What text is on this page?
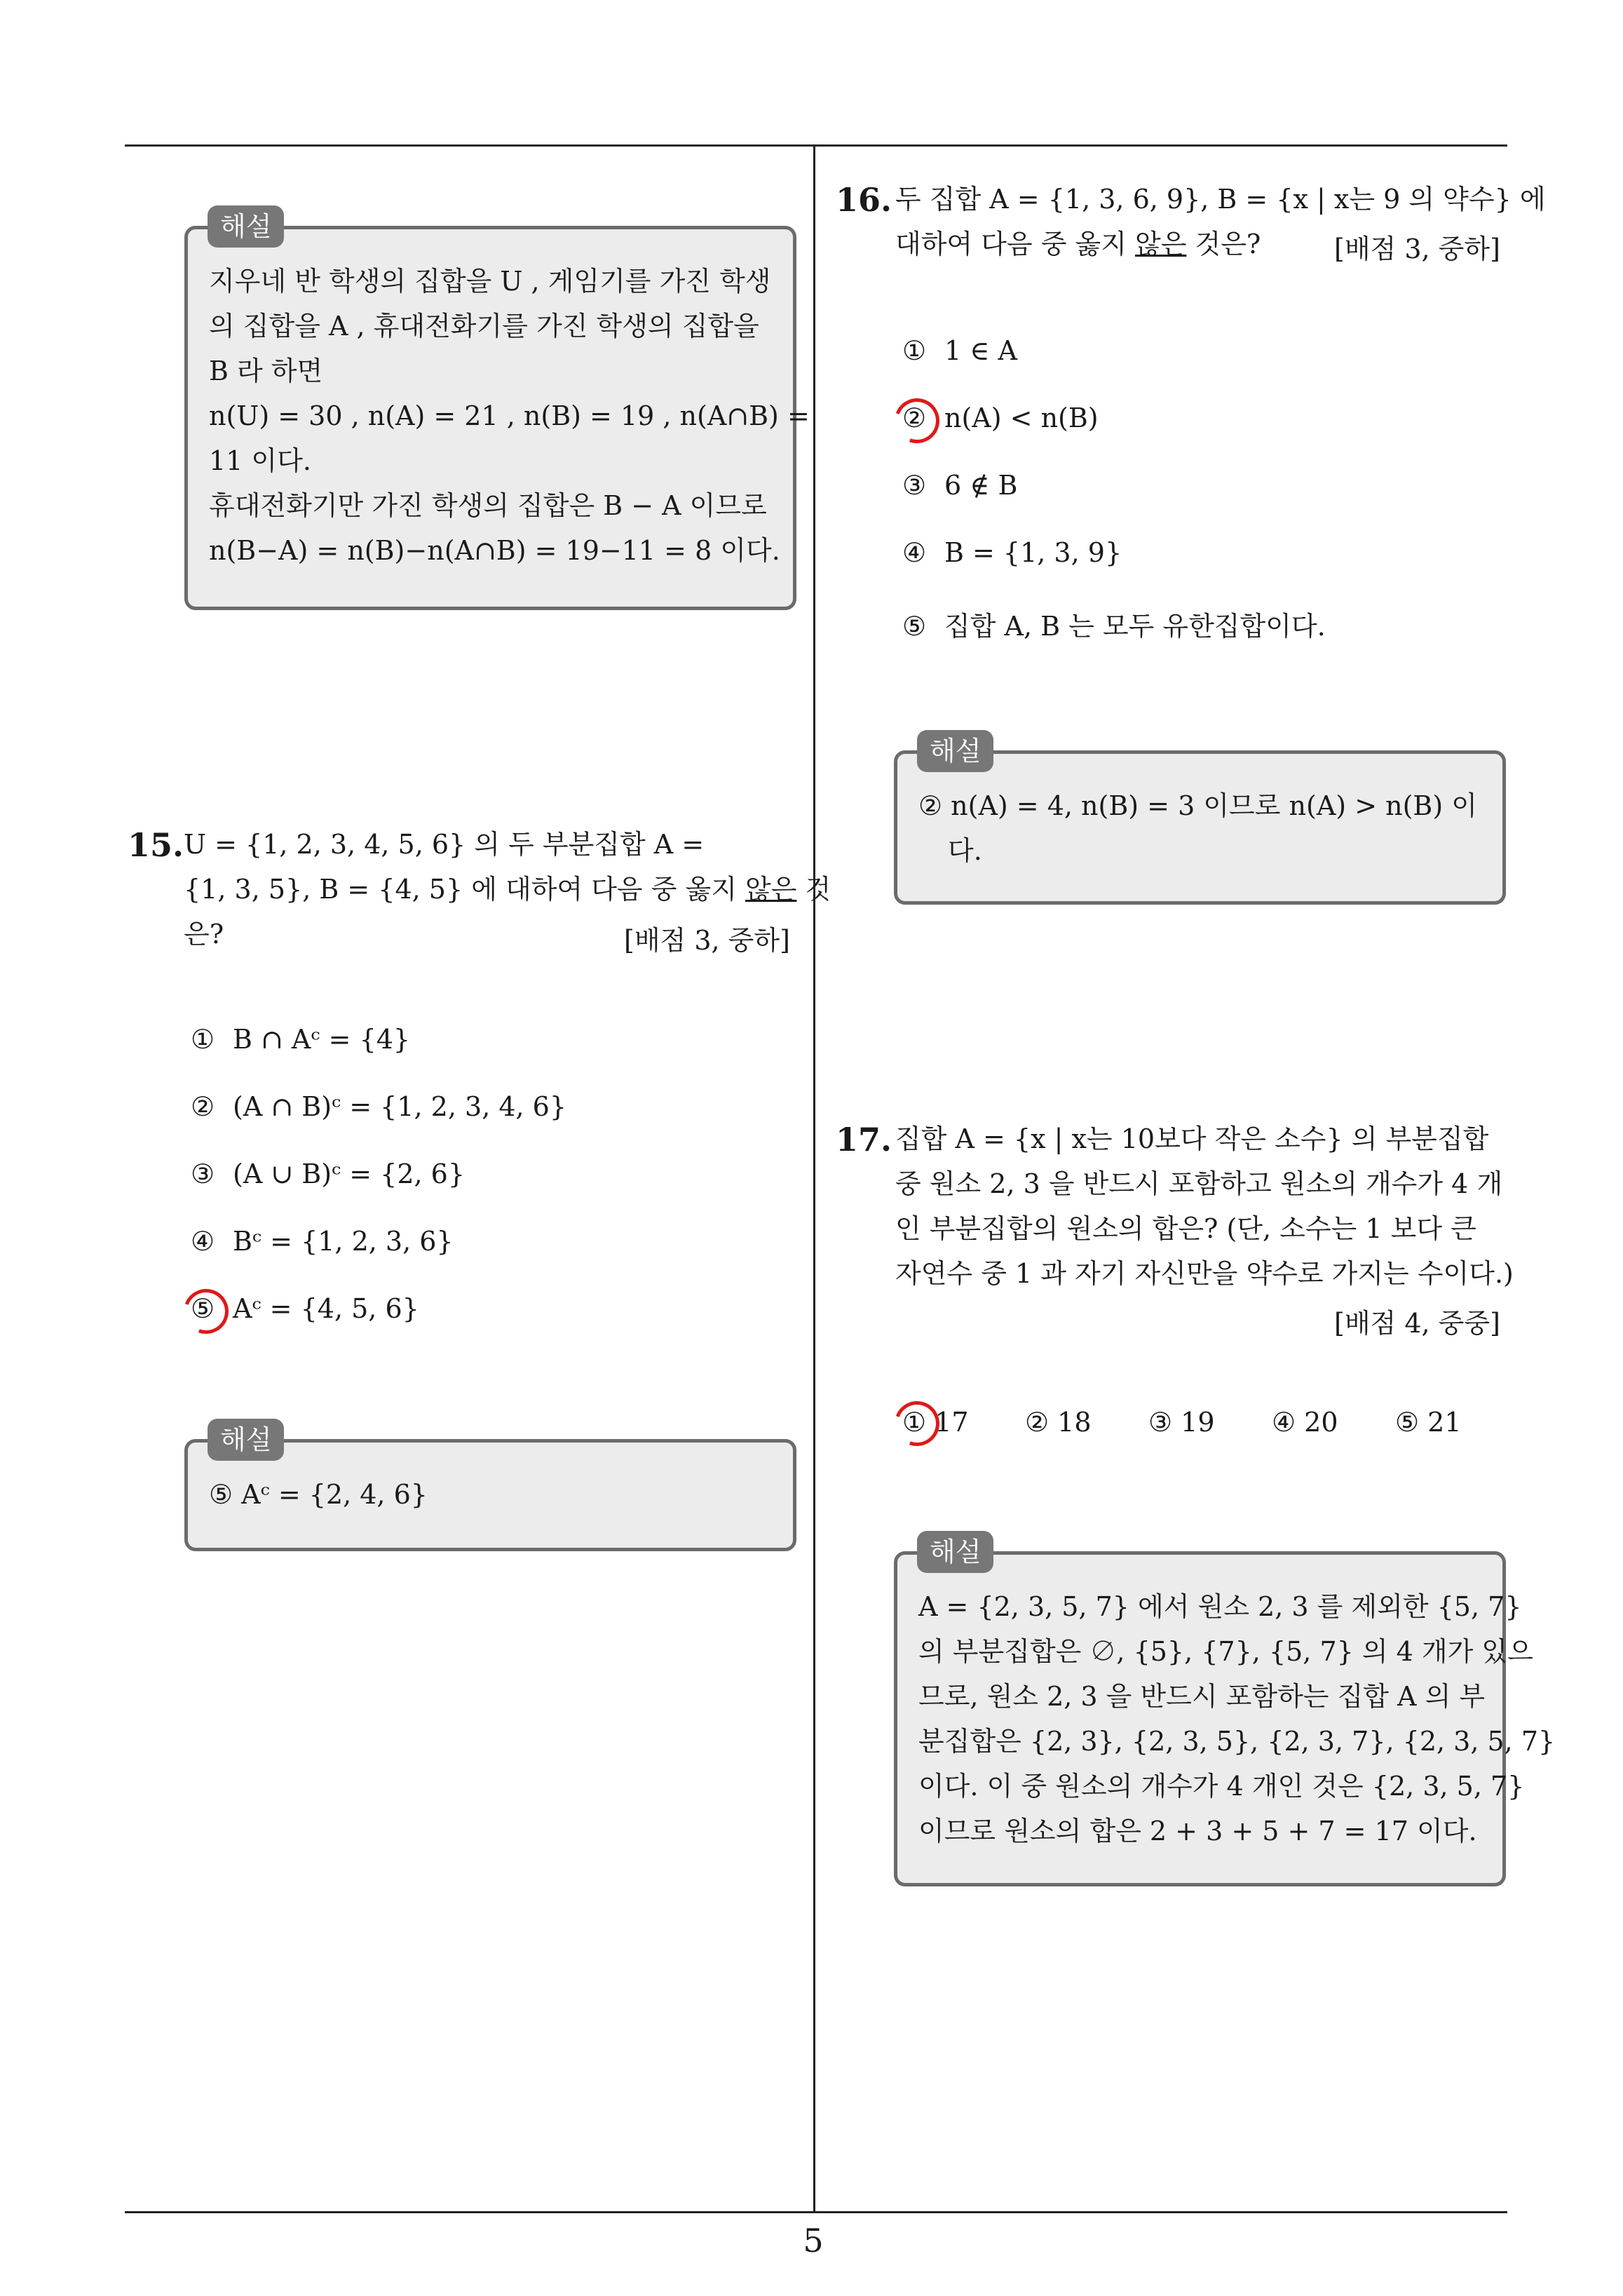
해설
지우네 반 학생의 집합을 U , 게임기를 가진 학생
의 집합을 A , 휴대전화기를 가진 학생의 집합을
B 라 하면
n(U) = 30 , n(A) = 21 , n(B) = 19 , n(A∩B) =
11 이다.
휴대전화기만 가진 학생의 집합은 B − A 이므로
n(B−A) = n(B)−n(A∩B) = 19−11 = 8 이다.
15. U = {1, 2, 3, 4, 5, 6} 의 두 부분집합 A =
{1, 3, 5}, B = {4, 5} 에 대하여 다음 중 옳지 않은 것
은?	[배점 3, 중하]
① B ∩ Aᶜ = {4}
② (A ∩ B)ᶜ = {1, 2, 3, 4, 6}
③ (A ∪ B)ᶜ = {2, 6}
④ Bᶜ = {1, 2, 3, 6}
⑤ Aᶜ = {4, 5, 6}
해설
⑤ Aᶜ = {2, 4, 6}
16. 두 집합 A = {1, 3, 6, 9}, B = {x | x는 9 의 약수} 에
대하여 다음 중 옳지 않은 것은?	[배점 3, 중하]
① 1 ∈ A
② n(A) < n(B)
③ 6 ∉ B
④ B = {1, 3, 9}
⑤ 집합 A, B 는 모두 유한집합이다.
해설
② n(A) = 4, n(B) = 3 이므로 n(A) > n(B) 이
다.
17. 집합 A = {x | x는 10보다 작은 소수} 의 부분집합
중 원소 2, 3 을 반드시 포함하고 원소의 개수가 4 개
인 부분집합의 원소의 합은? (단, 소수는 1 보다 큰
자연수 중 1 과 자기 자신만을 약수로 가지는 수이다.)
[배점 4, 중중]
① 17 ② 18 ③ 19 ④ 20 ⑤ 21
해설
A = {2, 3, 5, 7} 에서 원소 2, 3 를 제외한 {5, 7}
의 부분집합은 ∅, {5}, {7}, {5, 7} 의 4 개가 있으
므로, 원소 2, 3 을 반드시 포함하는 집합 A 의 부
분집합은 {2, 3}, {2, 3, 5}, {2, 3, 7}, {2, 3, 5, 7}
이다. 이 중 원소의 개수가 4 개인 것은 {2, 3, 5, 7}
이므로 원소의 합은 2 + 3 + 5 + 7 = 17 이다.
5
